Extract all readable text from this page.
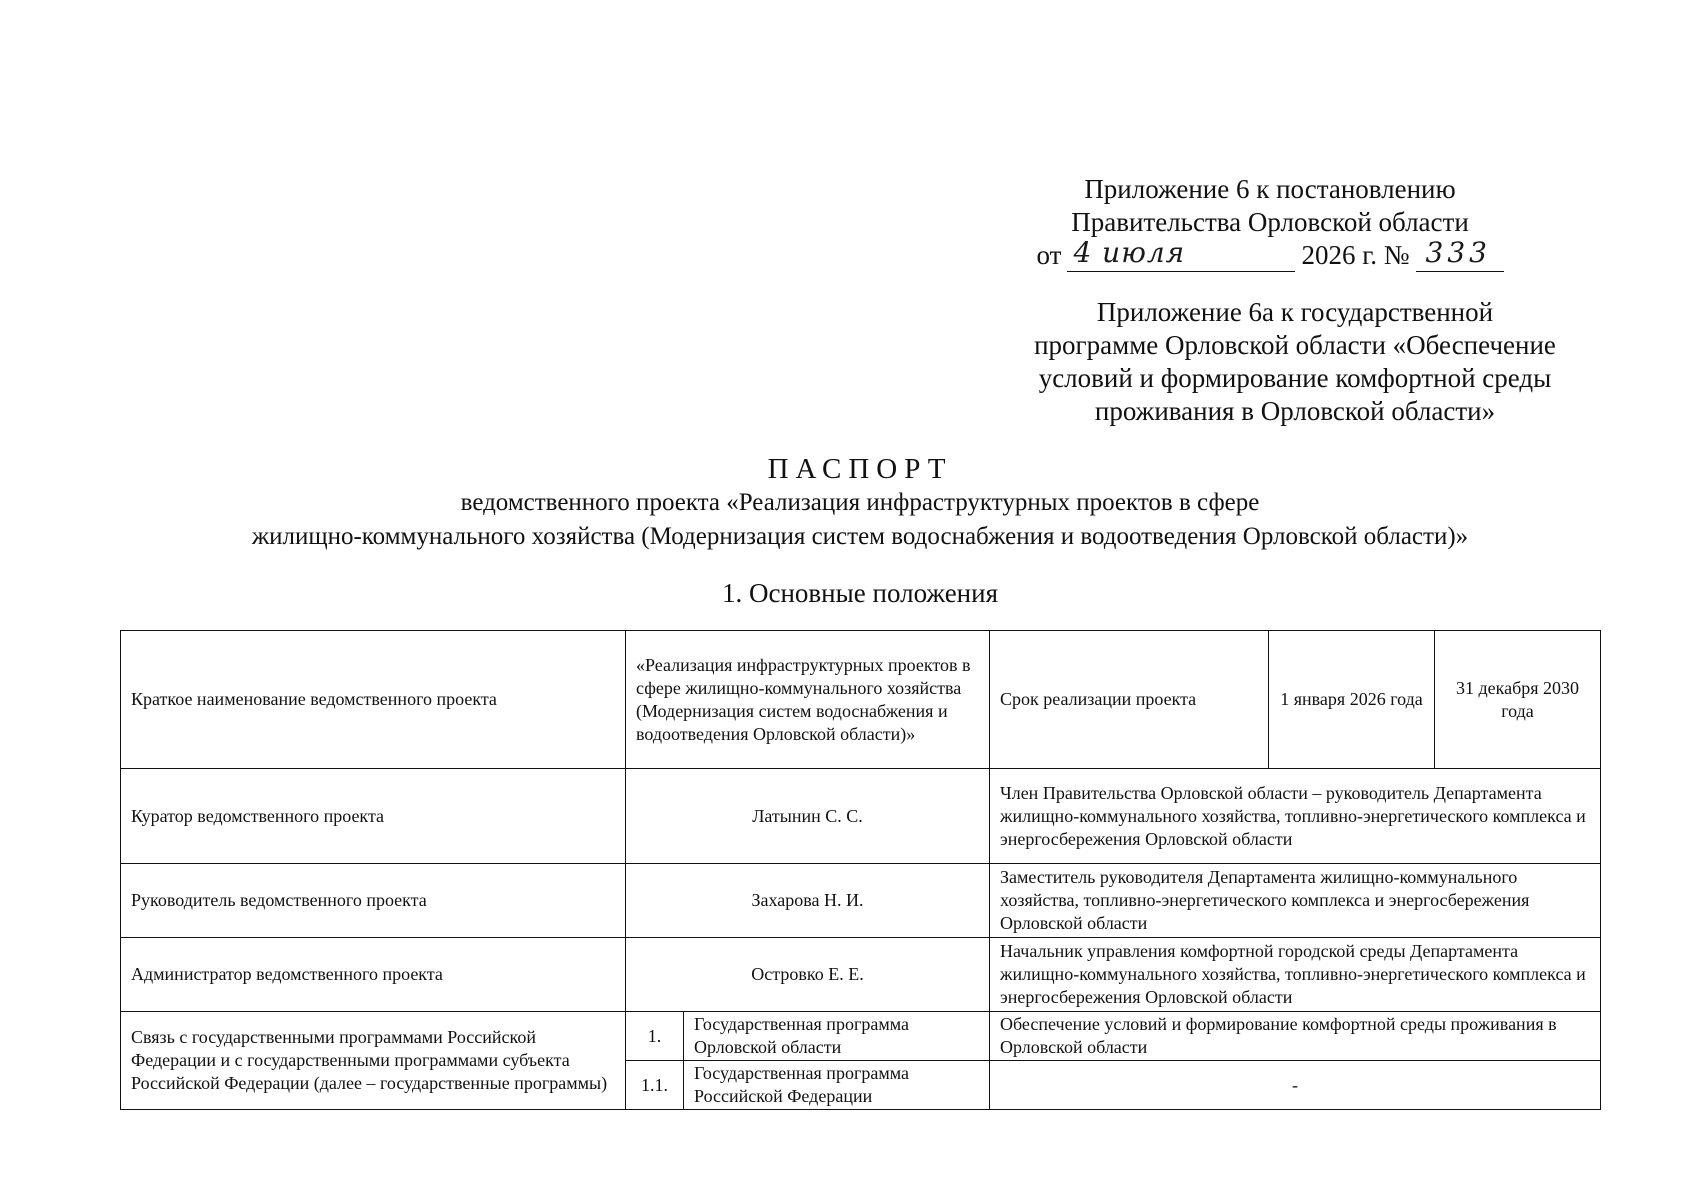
Приложение 6 к постановлению
Правительства Орловской области
от 4 июля	2026 г. № 333
Приложение 6а к государственной
программе Орловской области «Обеспечение
условий и формирование комфортной среды
проживания в Орловской области»
ПАСПОРТ
ведомственного проекта «Реализация инфраструктурных проектов в сфере
жилищно-коммунального хозяйства (Модернизация систем водоснабжения и водоотведения Орловской области)»
1. Основные положения
Краткое наименование ведомственного проекта	«Реализация инфраструктурных проектов в сфере жилищно-коммунального хозяйства (Модернизация систем водоснабжения и водоотведения Орловской области)»		Срок реализации проекта	1 января 2026 года	31 декабря 2030 года
Куратор ведомственного проекта	Латынин С. С.		Член Правительства Орловской области – руководитель Департамента жилищно-коммунального хозяйства, топливно-энергетического комплекса и энергосбережения Орловской области		
Руководитель ведомственного проекта	Захарова Н. И.		Заместитель руководителя Департамента жилищно-коммунального хозяйства, топливно-энергетического комплекса и энергосбережения Орловской области		
Администратор ведомственного проекта	Островко Е. Е.		Начальник управления комфортной городской среды Департамента жилищно-коммунального хозяйства, топливно-энергетического комплекса и энергосбережения Орловской области		
Связь с государственными программами Российской Федерации и с государственными программами субъекта Российской Федерации (далее – государственные программы)	1.	Государственная программа Орловской области	Обеспечение условий и формирование комфортной среды проживания в Орловской области		
	1.1.	Государственная программа Российской Федерации	-		
